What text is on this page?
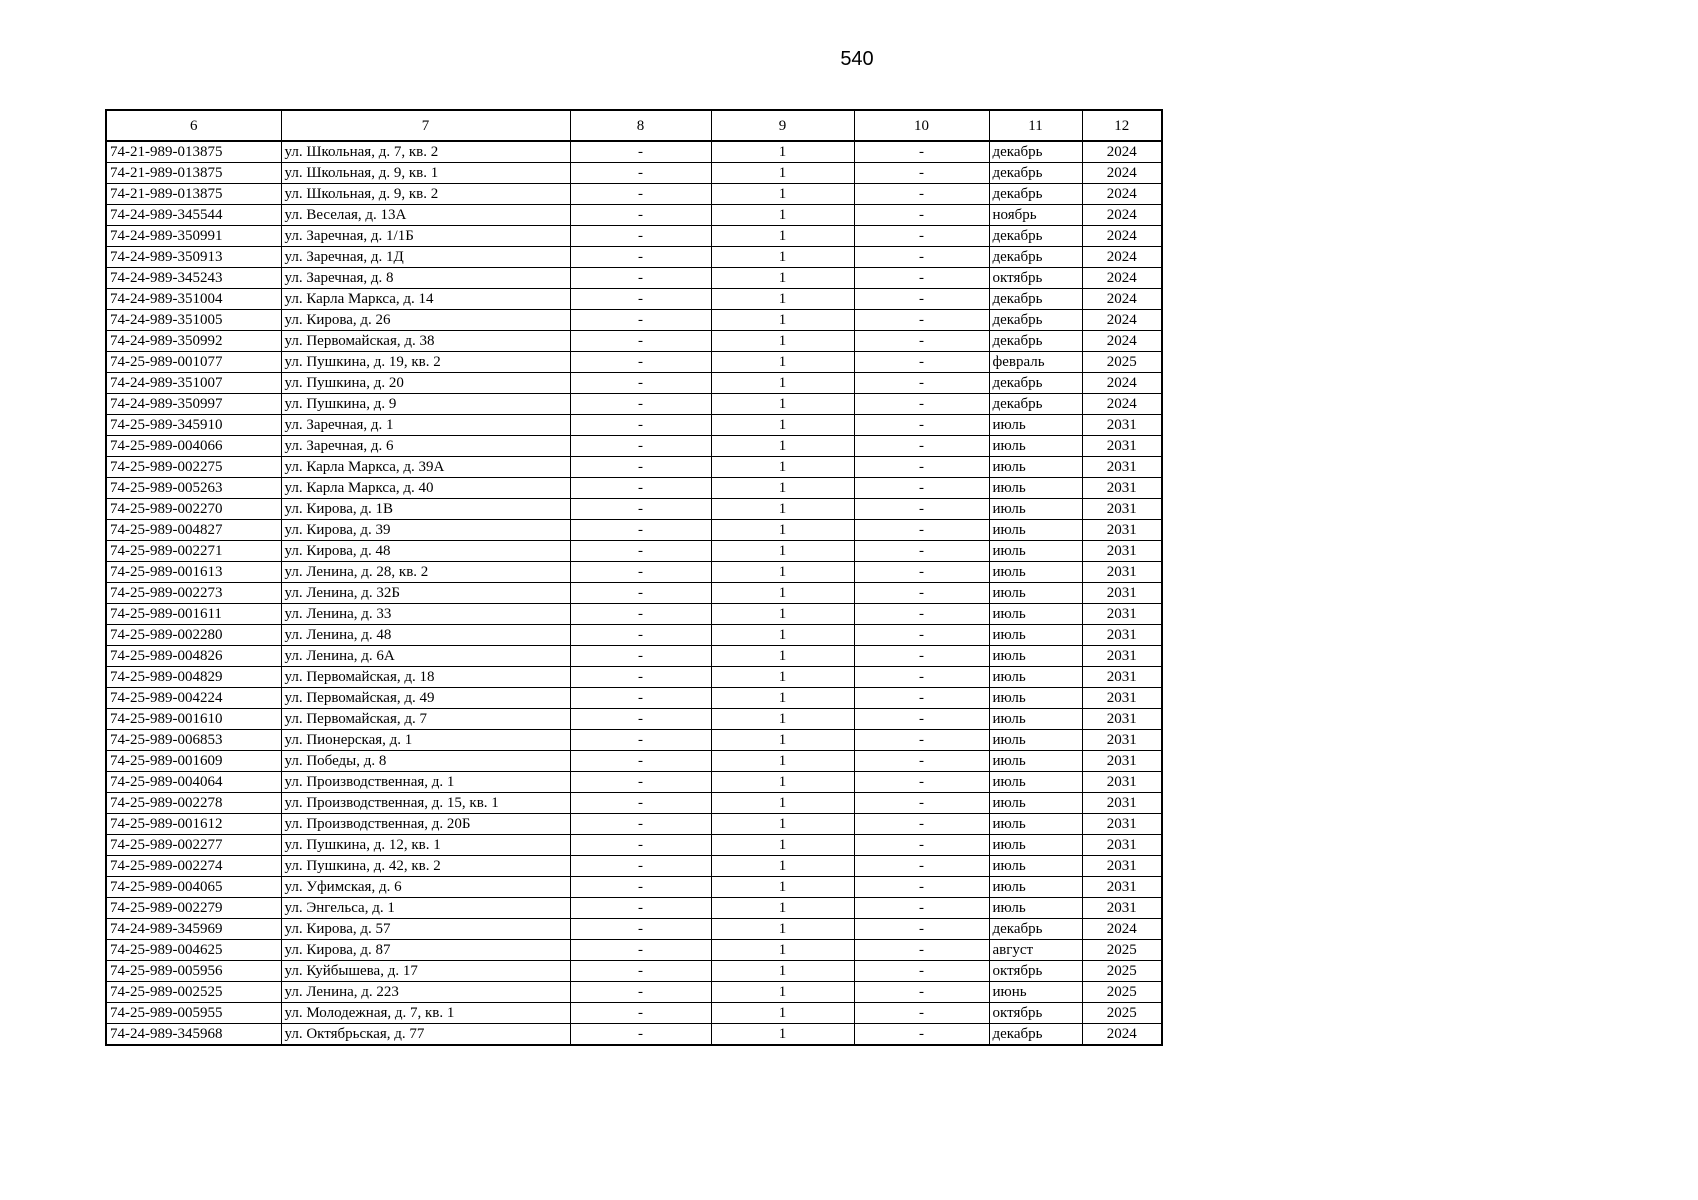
540
6	7	8	9	10	11	12
74-21-989-013875	ул. Школьная, д. 7, кв. 2	-	1	-	декабрь	2024
74-21-989-013875	ул. Школьная, д. 9, кв. 1	-	1	-	декабрь	2024
74-21-989-013875	ул. Школьная, д. 9, кв. 2	-	1	-	декабрь	2024
74-24-989-345544	ул. Веселая, д. 13А	-	1	-	ноябрь	2024
74-24-989-350991	ул. Заречная, д. 1/1Б	-	1	-	декабрь	2024
74-24-989-350913	ул. Заречная, д. 1Д	-	1	-	декабрь	2024
74-24-989-345243	ул. Заречная, д. 8	-	1	-	октябрь	2024
74-24-989-351004	ул. Карла Маркса, д. 14	-	1	-	декабрь	2024
74-24-989-351005	ул. Кирова, д. 26	-	1	-	декабрь	2024
74-24-989-350992	ул. Первомайская, д. 38	-	1	-	декабрь	2024
74-25-989-001077	ул. Пушкина, д. 19, кв. 2	-	1	-	февраль	2025
74-24-989-351007	ул. Пушкина, д. 20	-	1	-	декабрь	2024
74-24-989-350997	ул. Пушкина, д. 9	-	1	-	декабрь	2024
74-25-989-345910	ул. Заречная, д. 1	-	1	-	июль	2031
74-25-989-004066	ул. Заречная, д. 6	-	1	-	июль	2031
74-25-989-002275	ул. Карла Маркса, д. 39А	-	1	-	июль	2031
74-25-989-005263	ул. Карла Маркса, д. 40	-	1	-	июль	2031
74-25-989-002270	ул. Кирова, д. 1В	-	1	-	июль	2031
74-25-989-004827	ул. Кирова, д. 39	-	1	-	июль	2031
74-25-989-002271	ул. Кирова, д. 48	-	1	-	июль	2031
74-25-989-001613	ул. Ленина, д. 28, кв. 2	-	1	-	июль	2031
74-25-989-002273	ул. Ленина, д. 32Б	-	1	-	июль	2031
74-25-989-001611	ул. Ленина, д. 33	-	1	-	июль	2031
74-25-989-002280	ул. Ленина, д. 48	-	1	-	июль	2031
74-25-989-004826	ул. Ленина, д. 6А	-	1	-	июль	2031
74-25-989-004829	ул. Первомайская, д. 18	-	1	-	июль	2031
74-25-989-004224	ул. Первомайская, д. 49	-	1	-	июль	2031
74-25-989-001610	ул. Первомайская, д. 7	-	1	-	июль	2031
74-25-989-006853	ул. Пионерская, д. 1	-	1	-	июль	2031
74-25-989-001609	ул. Победы, д. 8	-	1	-	июль	2031
74-25-989-004064	ул. Производственная, д. 1	-	1	-	июль	2031
74-25-989-002278	ул. Производственная, д. 15, кв. 1	-	1	-	июль	2031
74-25-989-001612	ул. Производственная, д. 20Б	-	1	-	июль	2031
74-25-989-002277	ул. Пушкина, д. 12, кв. 1	-	1	-	июль	2031
74-25-989-002274	ул. Пушкина, д. 42, кв. 2	-	1	-	июль	2031
74-25-989-004065	ул. Уфимская, д. 6	-	1	-	июль	2031
74-25-989-002279	ул. Энгельса, д. 1	-	1	-	июль	2031
74-24-989-345969	ул. Кирова, д. 57	-	1	-	декабрь	2024
74-25-989-004625	ул. Кирова, д. 87	-	1	-	август	2025
74-25-989-005956	ул. Куйбышева, д. 17	-	1	-	октябрь	2025
74-25-989-002525	ул. Ленина, д. 223	-	1	-	июнь	2025
74-25-989-005955	ул. Молодежная, д. 7, кв. 1	-	1	-	октябрь	2025
74-24-989-345968	ул. Октябрьская, д. 77	-	1	-	декабрь	2024
